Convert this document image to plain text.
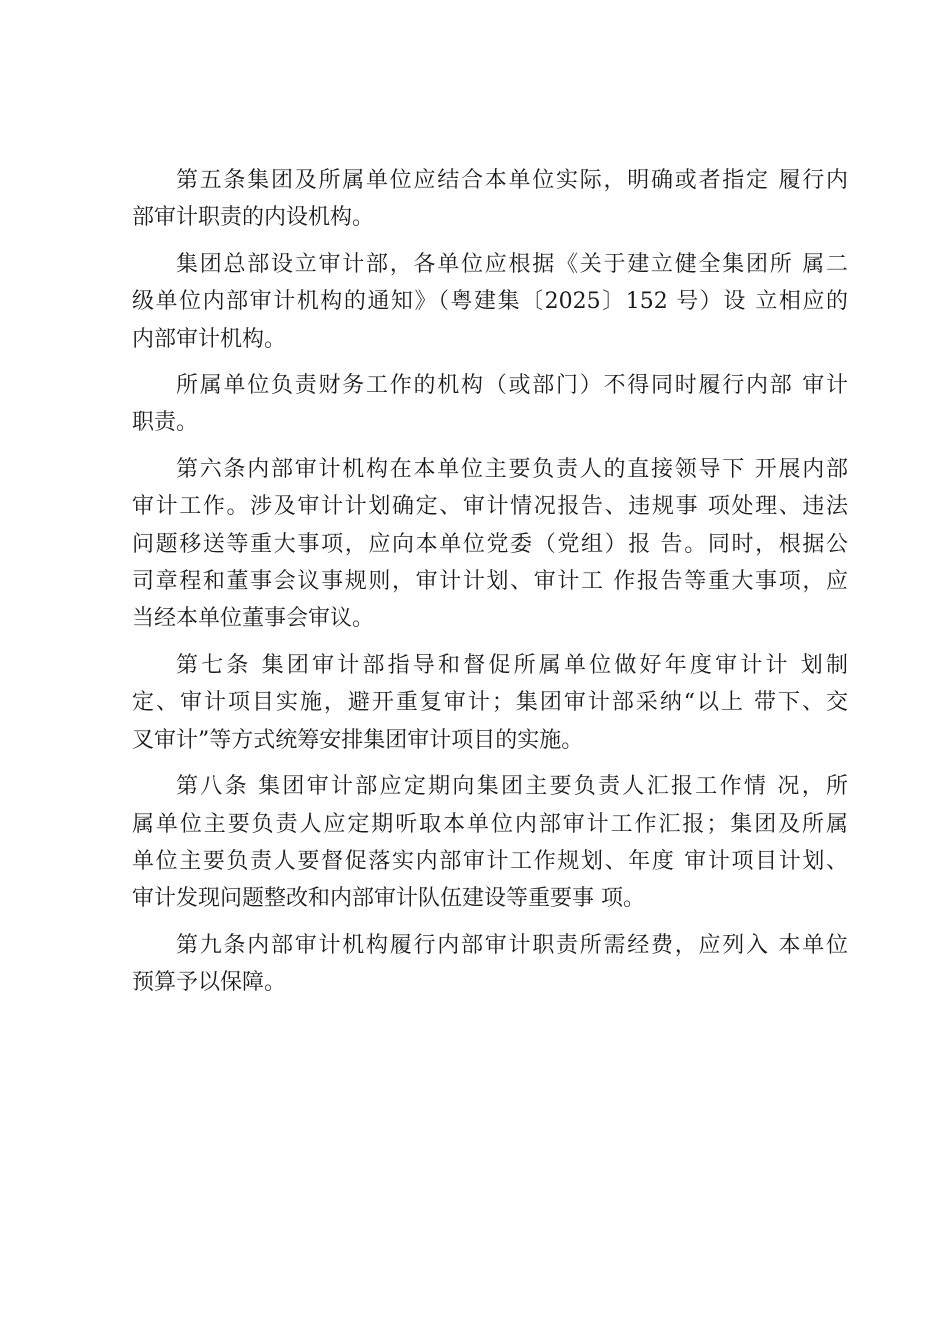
第五条集团及所属单位应结合本单位实际，明确或者指定 履行内
部审计职责的内设机构。

集团总部设立审计部，各单位应根据《关于建立健全集团所 属二
级单位内部审计机构的通知》（粤建集〔2025〕152 号）设 立相应的
内部审计机构。

所属单位负责财务工作的机构（或部门）不得同时履行内部 审计
职责。

第六条内部审计机构在本单位主要负责人的直接领导下 开展内部
审计工作。涉及审计计划确定、审计情况报告、违规事 项处理、违法
问题移送等重大事项，应向本单位党委（党组）报 告。同时，根据公
司章程和董事会议事规则，审计计划、审计工 作报告等重大事项，应
当经本单位董事会审议。

第七条 集团审计部指导和督促所属单位做好年度审计计 划制
定、审计项目实施，避开重复审计；集团审计部采纳“以上 带下、交
叉审计”等方式统筹安排集团审计项目的实施。

第八条 集团审计部应定期向集团主要负责人汇报工作情 况，所
属单位主要负责人应定期听取本单位内部审计工作汇报；集团及所属
单位主要负责人要督促落实内部审计工作规划、年度 审计项目计划、
审计发现问题整改和内部审计队伍建设等重要事 项。

第九条内部审计机构履行内部审计职责所需经费，应列入 本单位
预算予以保障。
